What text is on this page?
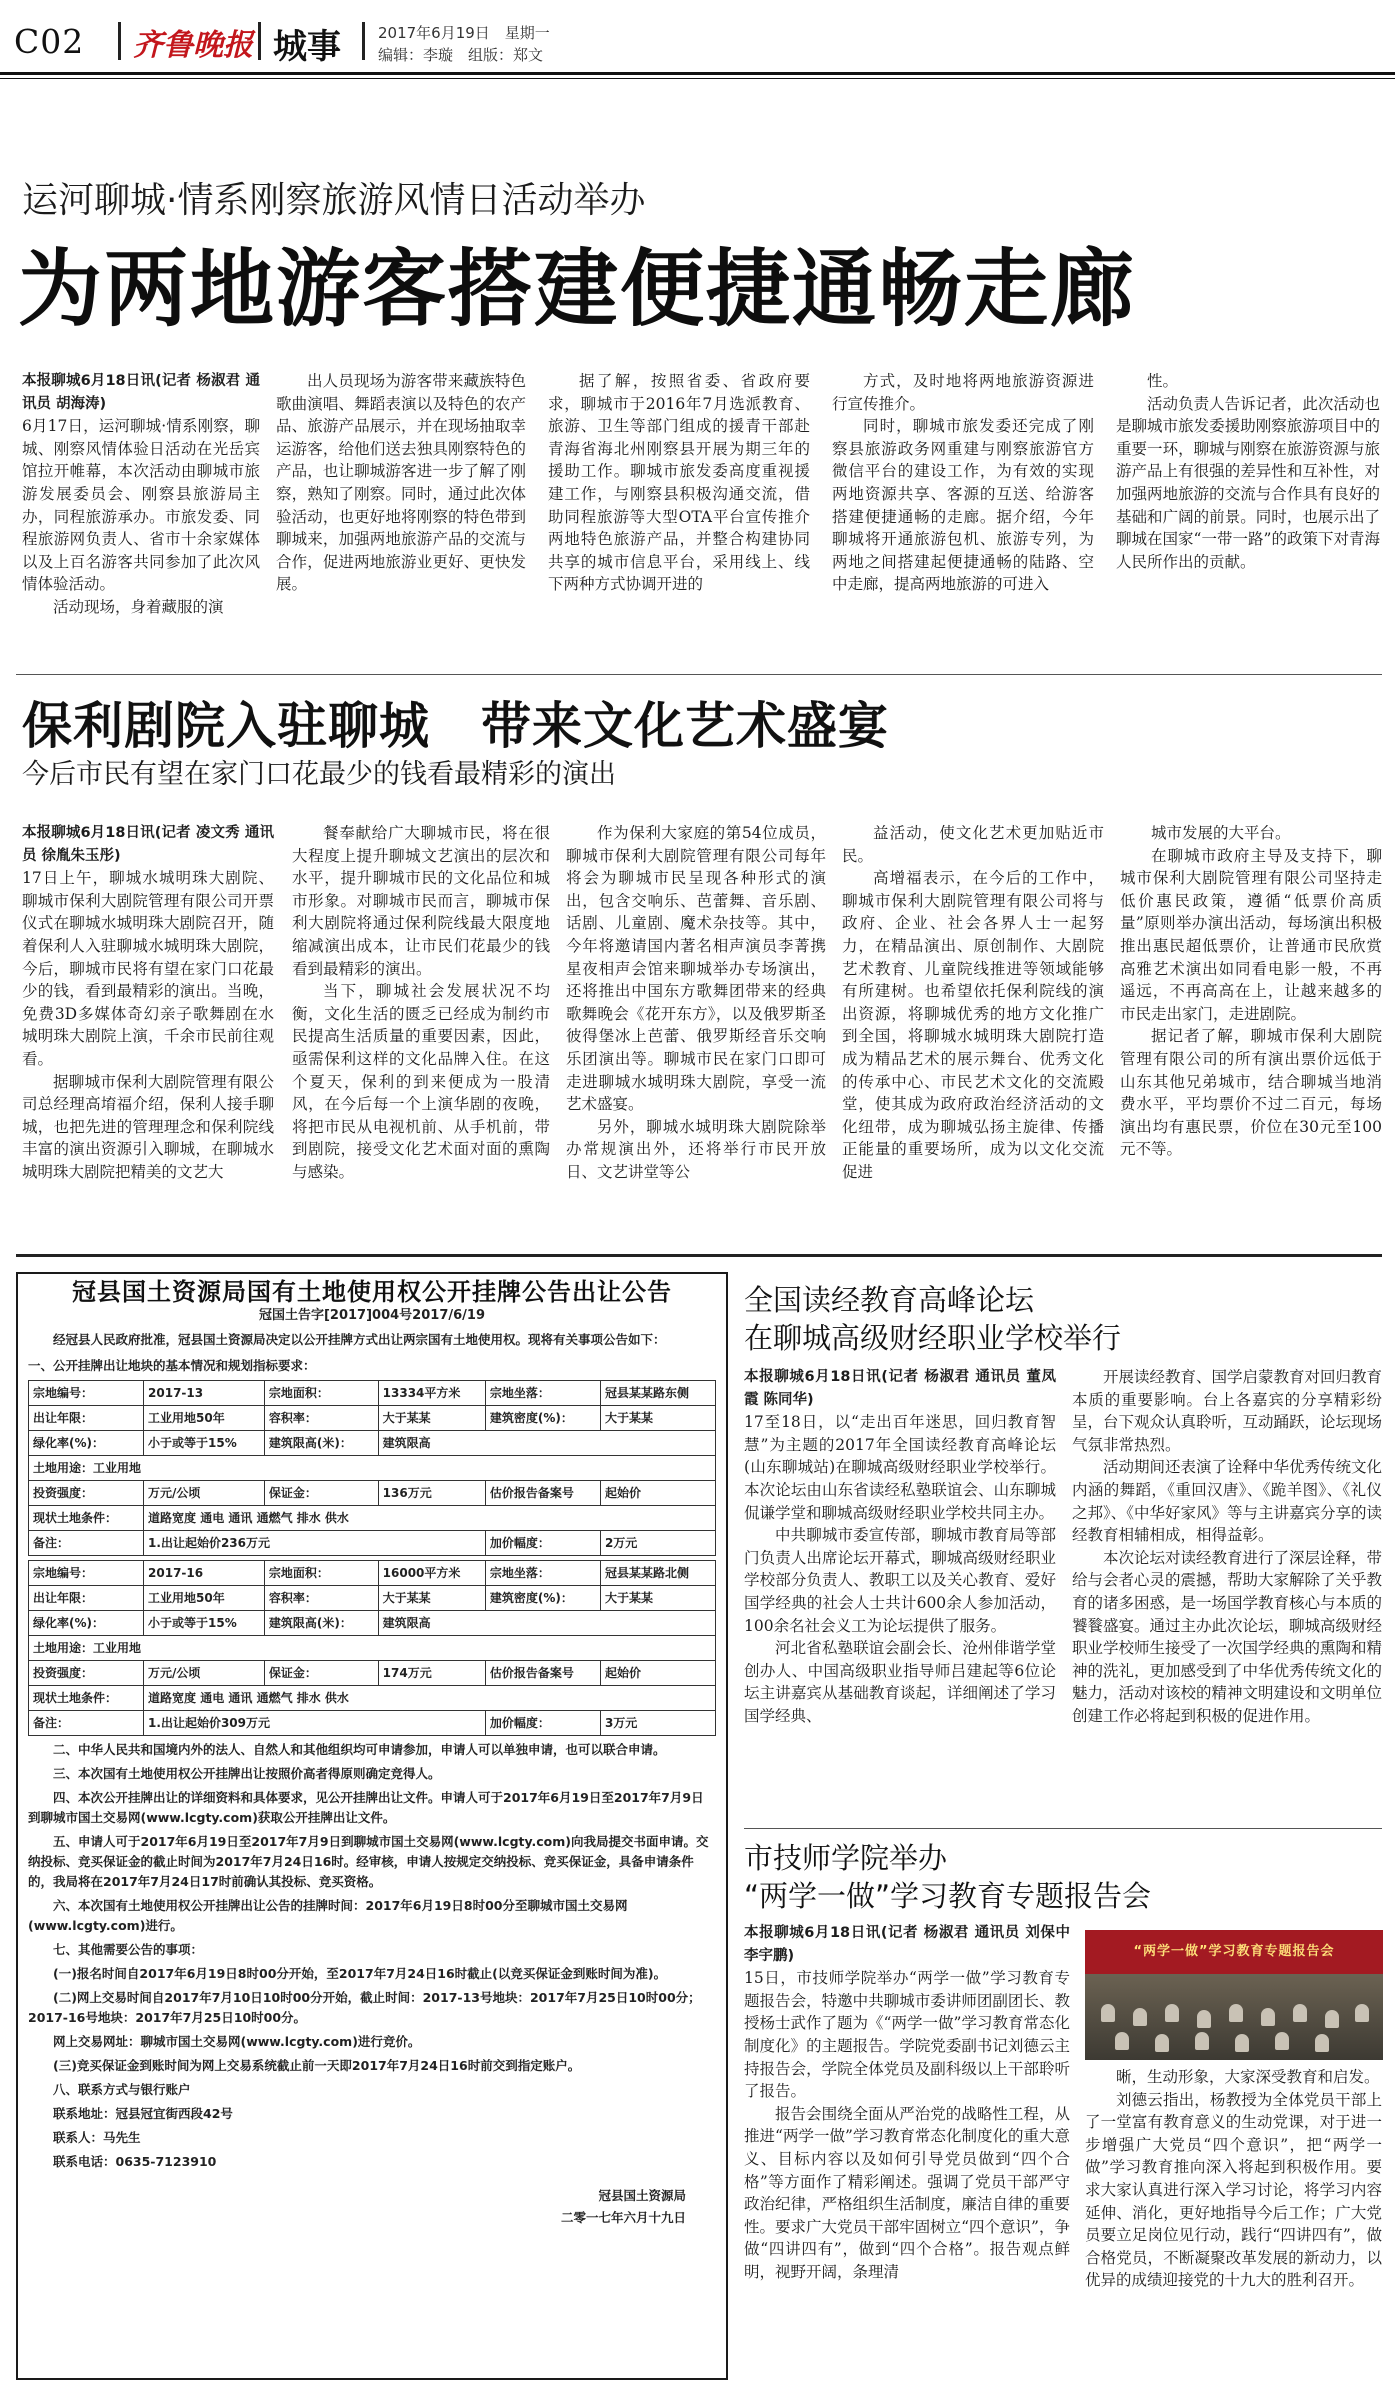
C02 齐鲁晚报 城事 2017年6月19日　星期一
编辑：李璇　组版：郑文
运河聊城·情系刚察旅游风情日活动举办
为两地游客搭建便捷通畅走廊

本报聊城6月18日讯(记者 杨淑君 通讯员 胡海涛)

6月17日，运河聊城·情系刚察，聊城、刚察风情体验日活动在光岳宾馆拉开帷幕，本次活动由聊城市旅游发展委员会、刚察县旅游局主办，同程旅游承办。市旅发委、同程旅游网负责人、省市十余家媒体以及上百名游客共同参加了此次风情体验活动。

活动现场，身着藏服的演

出人员现场为游客带来藏族特色歌曲演唱、舞蹈表演以及特色的农产品、旅游产品展示，并在现场抽取幸运游客，给他们送去独具刚察特色的产品，也让聊城游客进一步了解了刚察，熟知了刚察。同时，通过此次体验活动，也更好地将刚察的特色带到聊城来，加强两地旅游产品的交流与合作，促进两地旅游业更好、更快发展。

据了解，按照省委、省政府要求，聊城市于2016年7月选派教育、旅游、卫生等部门组成的援青干部赴青海省海北州刚察县开展为期三年的援助工作。聊城市旅发委高度重视援建工作，与刚察县积极沟通交流，借助同程旅游等大型OTA平台宣传推介两地特色旅游产品，并整合构建协同共享的城市信息平台，采用线上、线下两种方式协调开进的

方式，及时地将两地旅游资源进行宣传推介。

同时，聊城市旅发委还完成了刚察县旅游政务网重建与刚察旅游官方微信平台的建设工作，为有效的实现两地资源共享、客源的互送、给游客搭建便捷通畅的走廊。据介绍，今年聊城将开通旅游包机、旅游专列，为两地之间搭建起便捷通畅的陆路、空中走廊，提高两地旅游的可进入

性。

活动负责人告诉记者，此次活动也是聊城市旅发委援助刚察旅游项目中的重要一环，聊城与刚察在旅游资源与旅游产品上有很强的差异性和互补性，对加强两地旅游的交流与合作具有良好的基础和广阔的前景。同时，也展示出了聊城在国家“一带一路”的政策下对青海人民所作出的贡献。

保利剧院入驻聊城　带来文化艺术盛宴
今后市民有望在家门口花最少的钱看最精彩的演出

本报聊城6月18日讯(记者 凌文秀 通讯员 徐胤朱玉彤)

17日上午，聊城水城明珠大剧院、聊城市保利大剧院管理有限公司开票仪式在聊城水城明珠大剧院召开，随着保利人入驻聊城水城明珠大剧院，今后，聊城市民将有望在家门口花最少的钱，看到最精彩的演出。当晚，免费3D多媒体奇幻亲子歌舞剧在水城明珠大剧院上演，千余市民前往观看。

据聊城市保利大剧院管理有限公司总经理高堉福介绍，保利人接手聊城，也把先进的管理理念和保利院线丰富的演出资源引入聊城，在聊城水城明珠大剧院把精美的文艺大

餐奉献给广大聊城市民，将在很大程度上提升聊城文艺演出的层次和水平，提升聊城市民的文化品位和城市形象。对聊城市民而言，聊城市保利大剧院将通过保利院线最大限度地缩减演出成本，让市民们花最少的钱看到最精彩的演出。

当下，聊城社会发展状况不均衡，文化生活的匮乏已经成为制约市民提高生活质量的重要因素，因此，亟需保利这样的文化品牌入住。在这个夏天，保利的到来便成为一股清风，在今后每一个上演华剧的夜晚，将把市民从电视机前、从手机前，带到剧院，接受文化艺术面对面的熏陶与感染。

作为保利大家庭的第54位成员，聊城市保利大剧院管理有限公司每年将会为聊城市民呈现各种形式的演出，包含交响乐、芭蕾舞、音乐剧、话剧、儿童剧、魔术杂技等。其中，今年将邀请国内著名相声演员李菁携星夜相声会馆来聊城举办专场演出，还将推出中国东方歌舞团带来的经典歌舞晚会《花开东方》，以及俄罗斯圣彼得堡冰上芭蕾、俄罗斯经音乐交响乐团演出等。聊城市民在家门口即可走进聊城水城明珠大剧院，享受一流艺术盛宴。

另外，聊城水城明珠大剧院除举办常规演出外，还将举行市民开放日、文艺讲堂等公

益活动，使文化艺术更加贴近市民。

高增福表示，在今后的工作中，聊城市保利大剧院管理有限公司将与政府、企业、社会各界人士一起努力，在精品演出、原创制作、大剧院艺术教育、儿童院线推进等领域能够有所建树。也希望依托保利院线的演出资源，将聊城优秀的地方文化推广到全国，将聊城水城明珠大剧院打造成为精品艺术的展示舞台、优秀文化的传承中心、市民艺术文化的交流殿堂，使其成为政府政治经济活动的文化纽带，成为聊城弘扬主旋律、传播正能量的重要场所，成为以文化交流促进

城市发展的大平台。

在聊城市政府主导及支持下，聊城市保利大剧院管理有限公司坚持走低价惠民政策，遵循“低票价高质量”原则举办演出活动，每场演出积极推出惠民超低票价，让普通市民欣赏高雅艺术演出如同看电影一般，不再遥远，不再高高在上，让越来越多的市民走出家门，走进剧院。

据记者了解，聊城市保利大剧院管理有限公司的所有演出票价远低于山东其他兄弟城市，结合聊城当地消费水平，平均票价不过二百元，每场演出均有惠民票，价位在30元至100元不等。

冠县国土资源局国有土地使用权公开挂牌公告出让公告
冠国土告字[2017]004号2017/6/19
经冠县人民政府批准，冠县国土资源局决定以公开挂牌方式出让两宗国有土地使用权。现将有关事项公告如下：
一、公开挂牌出让地块的基本情况和规划指标要求：
宗地编号：	2017-13	宗地面积：	13334平方米	宗地坐落：	冠县某某路东侧
出让年限：	工业用地50年	容积率：	大于某某	建筑密度(%)：	大于某某
绿化率(%)：	小于或等于15%	建筑限高(米)：	建筑限高		
土地用途：工业用地					
投资强度：	万元/公顷	保证金：	136万元	估价报告备案号	起始价
现状土地条件：	道路宽度 通电 通讯 通燃气 排水 供水				
备注：	1.出让起始价236万元			加价幅度：	2万元
宗地编号：	2017-16	宗地面积：	16000平方米	宗地坐落：	冠县某某路北侧
出让年限：	工业用地50年	容积率：	大于某某	建筑密度(%)：	大于某某
绿化率(%)：	小于或等于15%	建筑限高(米)：	建筑限高		
土地用途：工业用地					
投资强度：	万元/公顷	保证金：	174万元	估价报告备案号	起始价
现状土地条件：	道路宽度 通电 通讯 通燃气 排水 供水				
备注：	1.出让起始价309万元			加价幅度：	3万元
二、中华人民共和国境内外的法人、自然人和其他组织均可申请参加，申请人可以单独申请，也可以联合申请。
三、本次国有土地使用权公开挂牌出让按照价高者得原则确定竞得人。
四、本次公开挂牌出让的详细资料和具体要求，见公开挂牌出让文件。申请人可于2017年6月19日至2017年7月9日到聊城市国土交易网(www.lcgty.com)获取公开挂牌出让文件。
五、申请人可于2017年6月19日至2017年7月9日到聊城市国土交易网(www.lcgty.com)向我局提交书面申请。交纳投标、竞买保证金的截止时间为2017年7月24日16时。经审核，申请人按规定交纳投标、竞买保证金，具备申请条件的，我局将在2017年7月24日17时前确认其投标、竞买资格。
六、本次国有土地使用权公开挂牌出让公告的挂牌时间：2017年6月19日8时00分至聊城市国土交易网(www.lcgty.com)进行。
七、其他需要公告的事项：
(一)报名时间自2017年6月19日8时00分开始，至2017年7月24日16时截止(以竞买保证金到账时间为准)。
(二)网上交易时间自2017年7月10日10时00分开始，截止时间：2017-13号地块：2017年7月25日10时00分；2017-16号地块：2017年7月25日10时00分。
网上交易网址：聊城市国土交易网(www.lcgty.com)进行竞价。
(三)竞买保证金到账时间为网上交易系统截止前一天即2017年7月24日16时前交到指定账户。
八、联系方式与银行账户
联系地址：冠县冠宜街西段42号
联系人：马先生
联系电话：0635-7123910
冠县国土资源局
二零一七年六月十九日
全国读经教育高峰论坛
在聊城高级财经职业学校举行

本报聊城6月18日讯(记者 杨淑君 通讯员 董凤霞 陈同华)

17至18日，以“走出百年迷思，回归教育智慧”为主题的2017年全国读经教育高峰论坛(山东聊城站)在聊城高级财经职业学校举行。本次论坛由山东省读经私塾联谊会、山东聊城侃谦学堂和聊城高级财经职业学校共同主办。

中共聊城市委宣传部，聊城市教育局等部门负责人出席论坛开幕式，聊城高级财经职业学校部分负责人、教职工以及关心教育、爱好国学经典的社会人士共计600余人参加活动，100余名社会义工为论坛提供了服务。

河北省私塾联谊会副会长、沧州俳谐学堂创办人、中国高级职业指导师吕建起等6位论坛主讲嘉宾从基础教育谈起，详细阐述了学习国学经典、

开展读经教育、国学启蒙教育对回归教育本质的重要影响。台上各嘉宾的分享精彩纷呈，台下观众认真聆听，互动踊跃，论坛现场气氛非常热烈。

活动期间还表演了诠释中华优秀传统文化内涵的舞蹈，《重回汉唐》、《跪羊图》、《礼仪之邦》、《中华好家风》等与主讲嘉宾分享的读经教育相辅相成，相得益彰。

本次论坛对读经教育进行了深层诠释，带给与会者心灵的震撼，帮助大家解除了关乎教育的诸多困惑，是一场国学教育核心与本质的饕餮盛宴。通过主办此次论坛，聊城高级财经职业学校师生接受了一次国学经典的熏陶和精神的洗礼，更加感受到了中华优秀传统文化的魅力，活动对该校的精神文明建设和文明单位创建工作必将起到积极的促进作用。

市技师学院举办
“两学一做”学习教育专题报告会

本报聊城6月18日讯(记者 杨淑君 通讯员 刘保中 李宇鹏)

15日，市技师学院举办“两学一做”学习教育专题报告会，特邀中共聊城市委讲师团副团长、教授杨士武作了题为《“两学一做”学习教育常态化制度化》的主题报告。学院党委副书记刘德云主持报告会，学院全体党员及副科级以上干部聆听了报告。

报告会围绕全面从严治党的战略性工程，从推进“两学一做”学习教育常态化制度化的重大意义、目标内容以及如何引导党员做到“四个合格”等方面作了精彩阐述。强调了党员干部严守政治纪律，严格组织生活制度，廉洁自律的重要性。要求广大党员干部牢固树立“四个意识”，争做“四讲四有”，做到“四个合格”。报告观点鲜明，视野开阔，条理清

“两学一做”学习教育专题报告会

晰，生动形象，大家深受教育和启发。

刘德云指出，杨教授为全体党员干部上了一堂富有教育意义的生动党课，对于进一步增强广大党员“四个意识”，把“两学一做”学习教育推向深入将起到积极作用。要求大家认真进行深入学习讨论，将学习内容延伸、消化，更好地指导今后工作；广大党员要立足岗位见行动，践行“四讲四有”，做合格党员，不断凝聚改革发展的新动力，以优异的成绩迎接党的十九大的胜利召开。
